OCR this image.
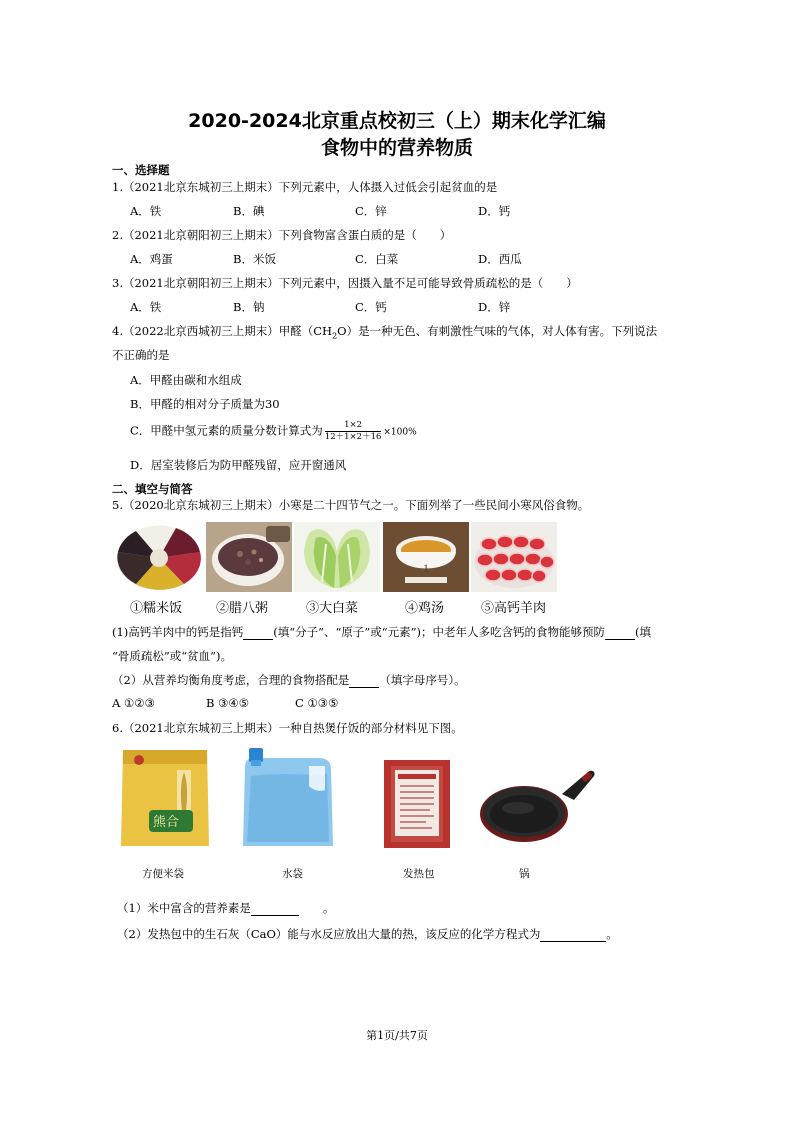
2020-2024北京重点校初三（上）期末化学汇编
食物中的营养物质
一、选择题
1.（2021北京东城初三上期末）下列元素中，人体摄入过低会引起贫血的是
A．铁	B．碘	C．锌	D．钙
2.（2021北京朝阳初三上期末）下列食物富含蛋白质的是（　　）
A．鸡蛋	B．米饭	C．白菜	D．西瓜
3.（2021北京朝阳初三上期末）下列元素中，因摄入量不足可能导致骨质疏松的是（　　）
A．铁	B．钠	C．钙	D．锌
4.（2022北京西城初三上期末）甲醛$(CH_2O)$是一种无色、有刺激性气味的气体，对人体有害。下列说法
不正确的是
A．甲醛由碳和水组成
B．甲醛的相对分子质量为30
C．甲醛中氢元素的质量分数计算式为 $\frac{1\times 2}{12+1\times 2+16} \times 100\%$
D．居室装修后为防甲醛残留，应开窗通风
二、填空与简答
5.（2020北京东城初三上期末）小寒是二十四节气之一。下面列举了一些民间小寒风俗食物。
1
①糯米饭	②腊八粥	③大白菜	④鸡汤	⑤高钙羊肉
(1)高钙羊肉中的钙是指钙	(填“分子”、“原子”或“元素”)；中老年人多吃含钙的食物能够预防	(填
“骨质疏松”或“贫血”)。
（2）从营养均衡角度考虑，合理的食物搭配是	（填字母序号）。
A ①②③	B ③④⑤	C ①③⑤
6.（2021北京东城初三上期末）一种自热煲仔饭的部分材料见下图。
熊合
方便米袋	水袋	发热包	锅
（1）米中富含的营养素是	。
（2）发热包中的生石灰（CaO）能与水反应放出大量的热，该反应的化学方程式为	。
第1页/共7页
